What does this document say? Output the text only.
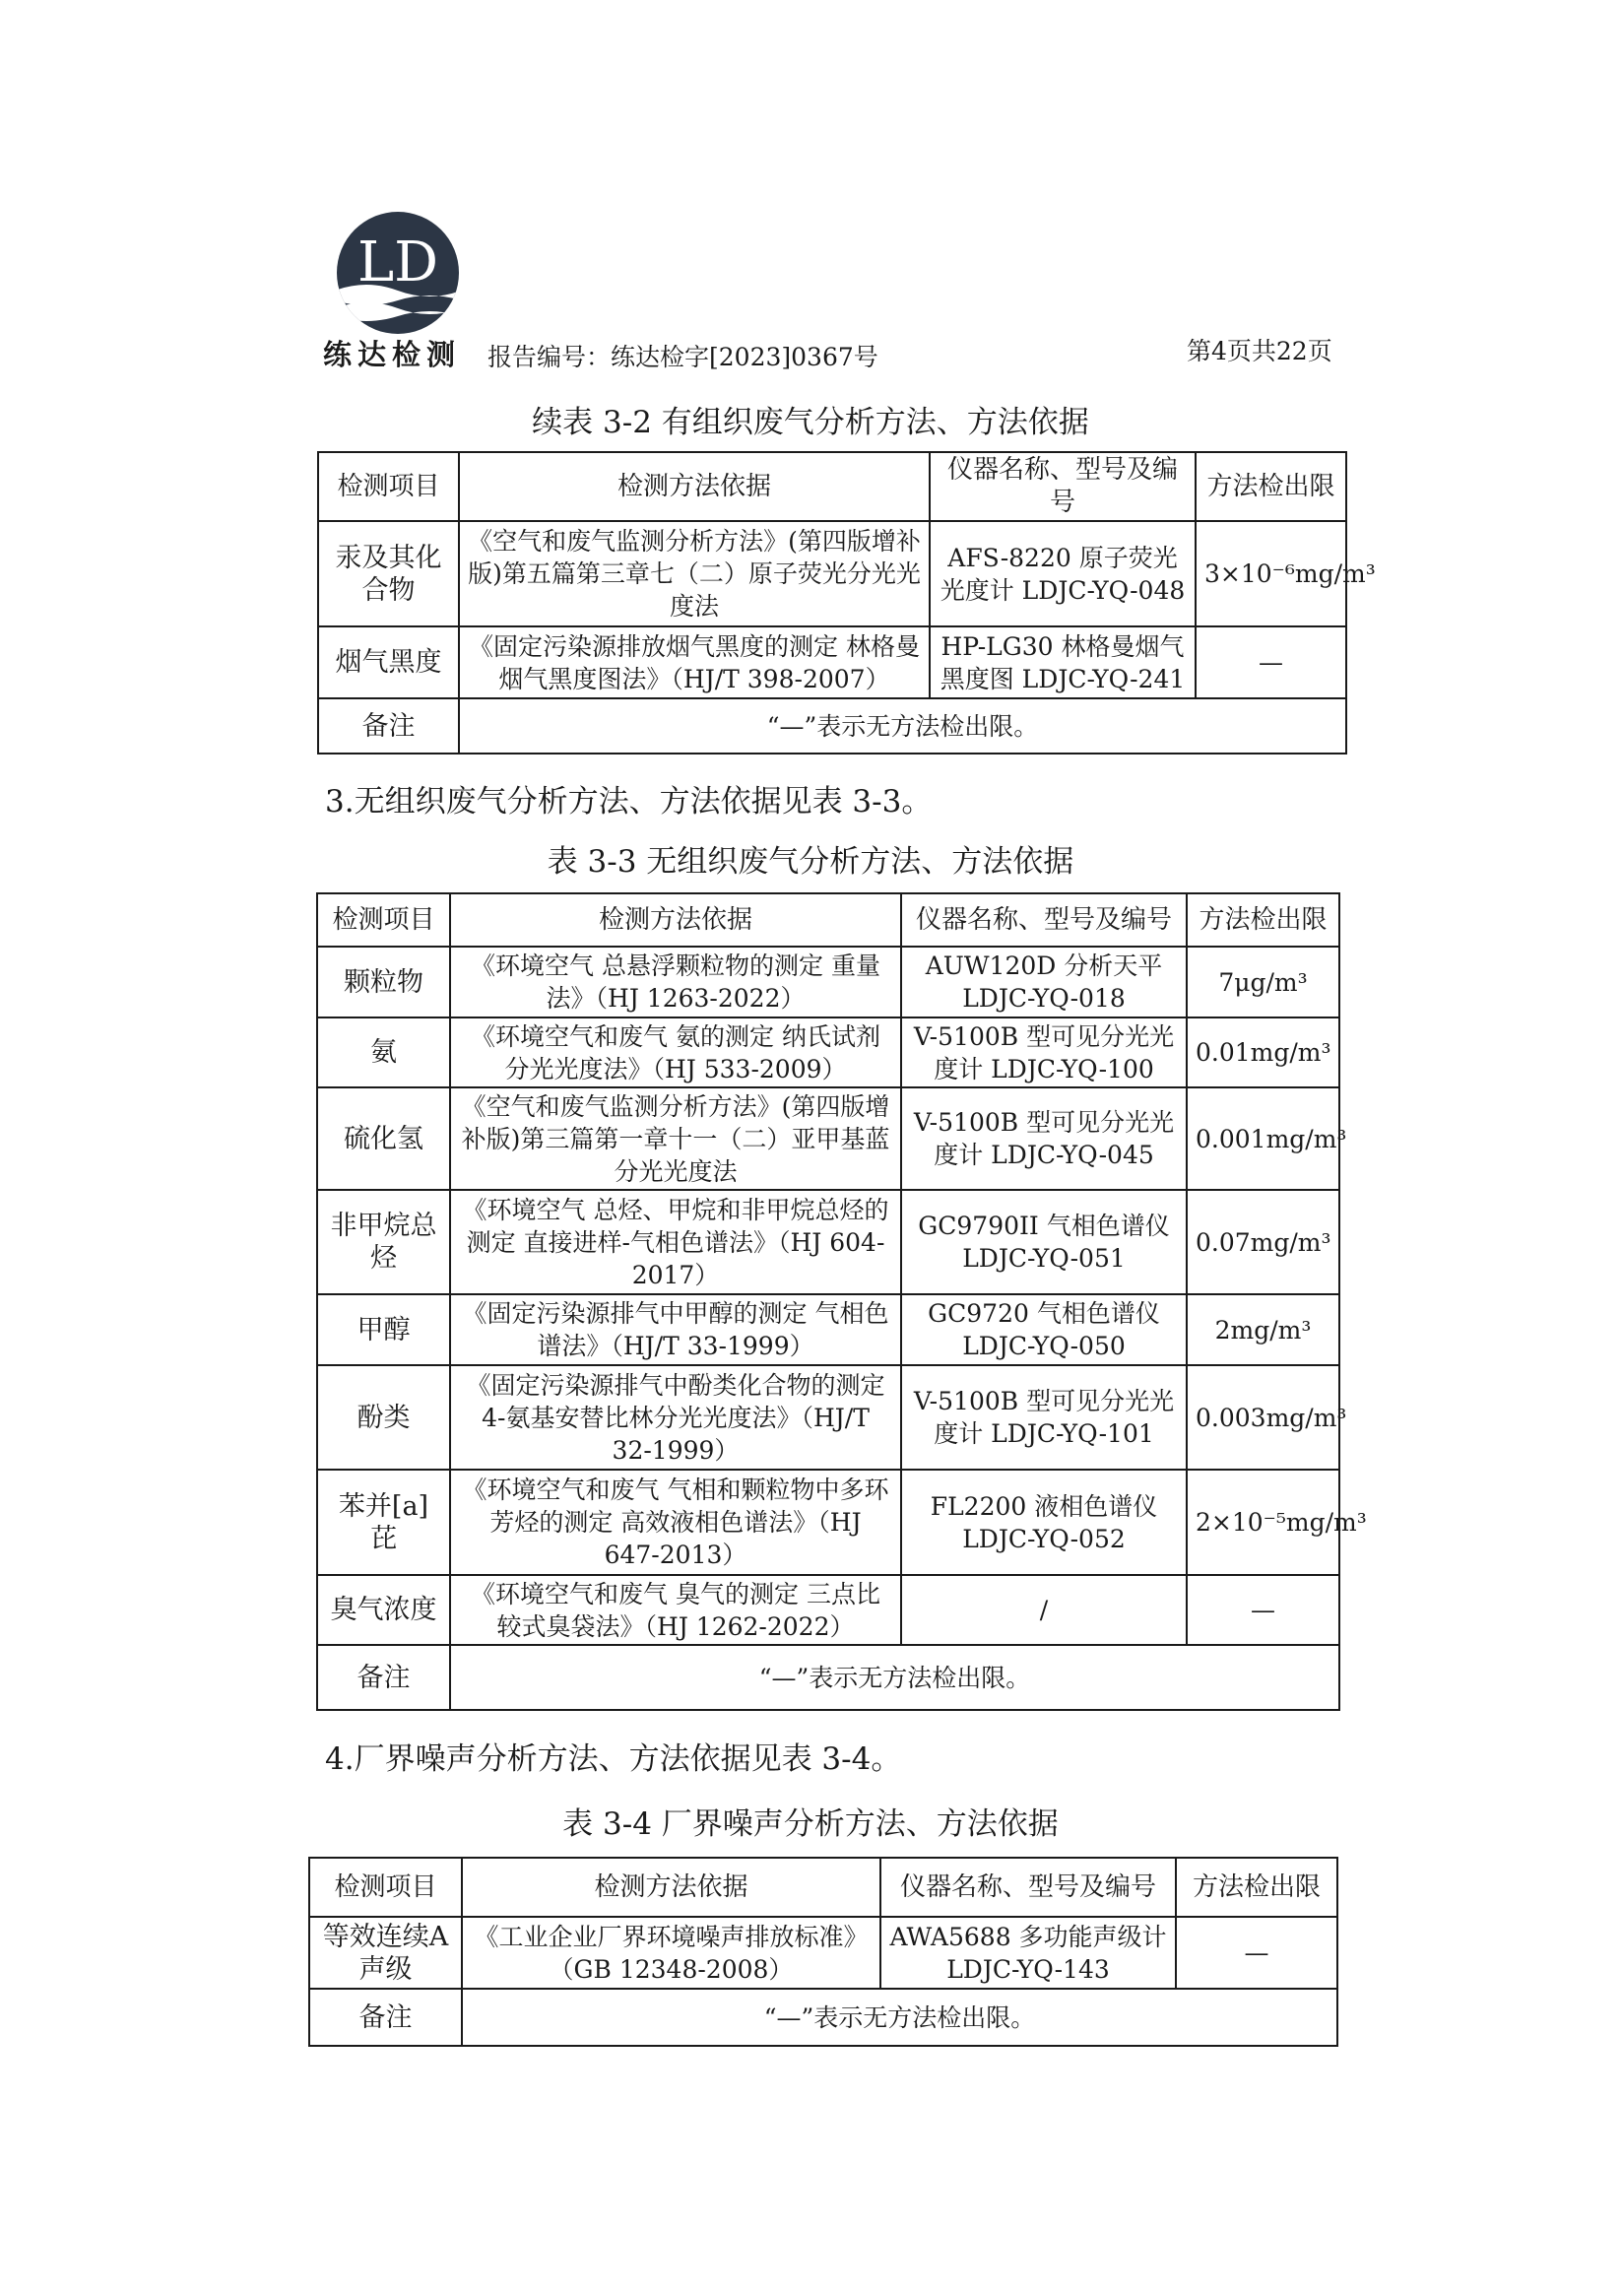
LD
练达检测 报告编号：练达检字[2023]0367号	第4页共22页
续表 3-2 有组织废气分析方法、方法依据
检测项目	检测方法依据	仪器名称、型号及编号	方法检出限
汞及其化合物	《空气和废气监测分析方法》(第四版增补版)第五篇第三章七（二）原子荧光分光光度法	AFS-8220 原子荧光光度计 LDJC-YQ-048	3×10⁻⁶mg/m³
烟气黑度	《固定污染源排放烟气黑度的测定 林格曼烟气黑度图法》（HJ/T 398-2007）	HP-LG30 林格曼烟气黑度图 LDJC-YQ-241	—
备注	“—”表示无方法检出限。		
3.无组织废气分析方法、方法依据见表 3-3。
表 3-3 无组织废气分析方法、方法依据
检测项目	检测方法依据	仪器名称、型号及编号	方法检出限
颗粒物	《环境空气 总悬浮颗粒物的测定 重量法》（HJ 1263-2022）	AUW120D 分析天平 LDJC-YQ-018	7μg/m³
氨	《环境空气和废气 氨的测定 纳氏试剂分光光度法》（HJ 533-2009）	V-5100B 型可见分光光度计 LDJC-YQ-100	0.01mg/m³
硫化氢	《空气和废气监测分析方法》(第四版增补版)第三篇第一章十一（二）亚甲基蓝分光光度法	V-5100B 型可见分光光度计 LDJC-YQ-045	0.001mg/m³
非甲烷总烃	《环境空气 总烃、甲烷和非甲烷总烃的测定 直接进样-气相色谱法》（HJ 604-2017）	GC9790II 气相色谱仪 LDJC-YQ-051	0.07mg/m³
甲醇	《固定污染源排气中甲醇的测定 气相色谱法》（HJ/T 33-1999）	GC9720 气相色谱仪 LDJC-YQ-050	2mg/m³
酚类	《固定污染源排气中酚类化合物的测定 4-氨基安替比林分光光度法》（HJ/T 32-1999）	V-5100B 型可见分光光度计 LDJC-YQ-101	0.003mg/m³
苯并[a]芘	《环境空气和废气 气相和颗粒物中多环芳烃的测定 高效液相色谱法》（HJ 647-2013）	FL2200 液相色谱仪 LDJC-YQ-052	2×10⁻⁵mg/m³
臭气浓度	《环境空气和废气 臭气的测定 三点比较式臭袋法》（HJ 1262-2022）	/	—
备注	“—”表示无方法检出限。		
4.厂界噪声分析方法、方法依据见表 3-4。
表 3-4 厂界噪声分析方法、方法依据
检测项目	检测方法依据	仪器名称、型号及编号	方法检出限
等效连续A 声级	《工业企业厂界环境噪声排放标准》（GB 12348-2008）	AWA5688 多功能声级计 LDJC-YQ-143	—
备注	“—”表示无方法检出限。		
